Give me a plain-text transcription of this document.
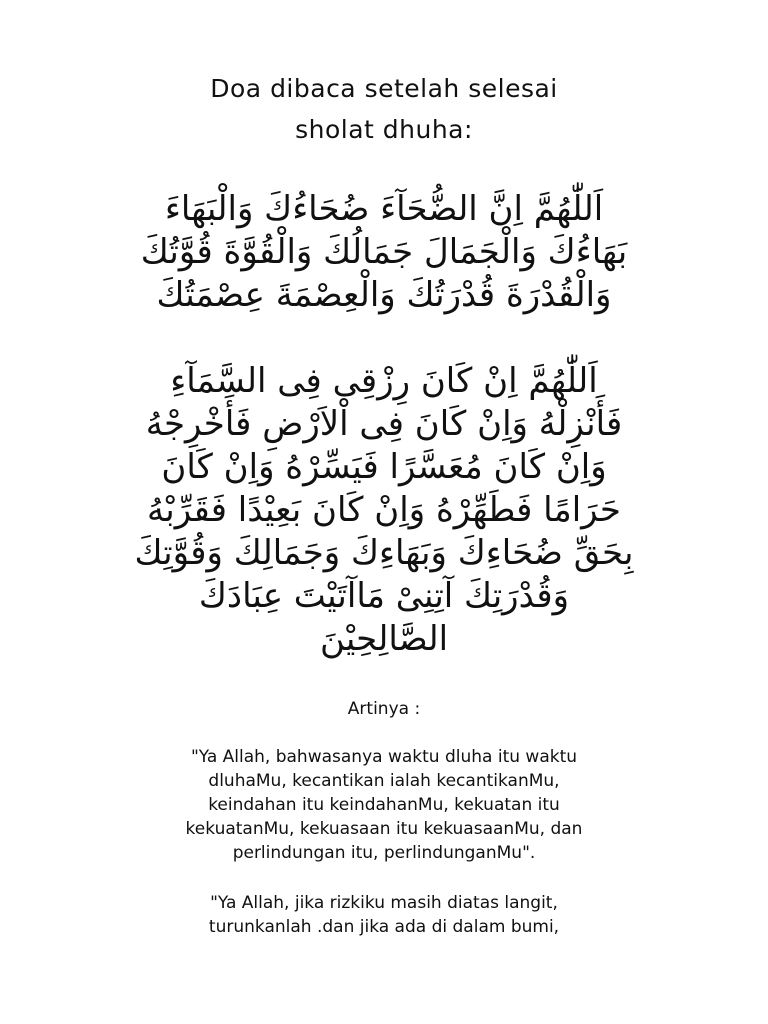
Doa dibaca setelah selesai
sholat dhuha:
اَللّٰهُمَّ اِنَّ الضُّحَآءَ ضُحَاءُكَ وَالْبَهَاءَ
بَهَاءُكَ وَالْجَمَالَ جَمَالُكَ وَالْقُوَّةَ قُوَّتُكَ
وَالْقُدْرَةَ قُدْرَتُكَ وَالْعِصْمَةَ عِصْمَتُكَ
اَللّٰهُمَّ اِنْ كَانَ رِزْقِى فِى السَّمَآءِ
فَأَنْزِلْهُ وَاِنْ كَانَ فِى اْلاَرْضِ فَأَخْرِجْهُ
وَاِنْ كَانَ مُعَسَّرًا فَيَسِّرْهُ وَاِنْ كَانَ
حَرَامًا فَطَهِّرْهُ وَاِنْ كَانَ بَعِيْدًا فَقَرِّبْهُ
بِحَقِّ ضُحَاءِكَ وَبَهَاءِكَ وَجَمَالِكَ وَقُوَّتِكَ
وَقُدْرَتِكَ آتِنِىْ مَاآتَيْتَ عِبَادَكَ
الصَّالِحِيْنَ
Artinya :
"Ya Allah, bahwasanya waktu dluha itu waktu
dluhaMu, kecantikan ialah kecantikanMu,
keindahan itu keindahanMu, kekuatan itu
kekuatanMu, kekuasaan itu kekuasaanMu, dan
perlindungan itu, perlindunganMu".
"Ya Allah, jika rizkiku masih diatas langit,
turunkanlah .dan jika ada di dalam bumi,
